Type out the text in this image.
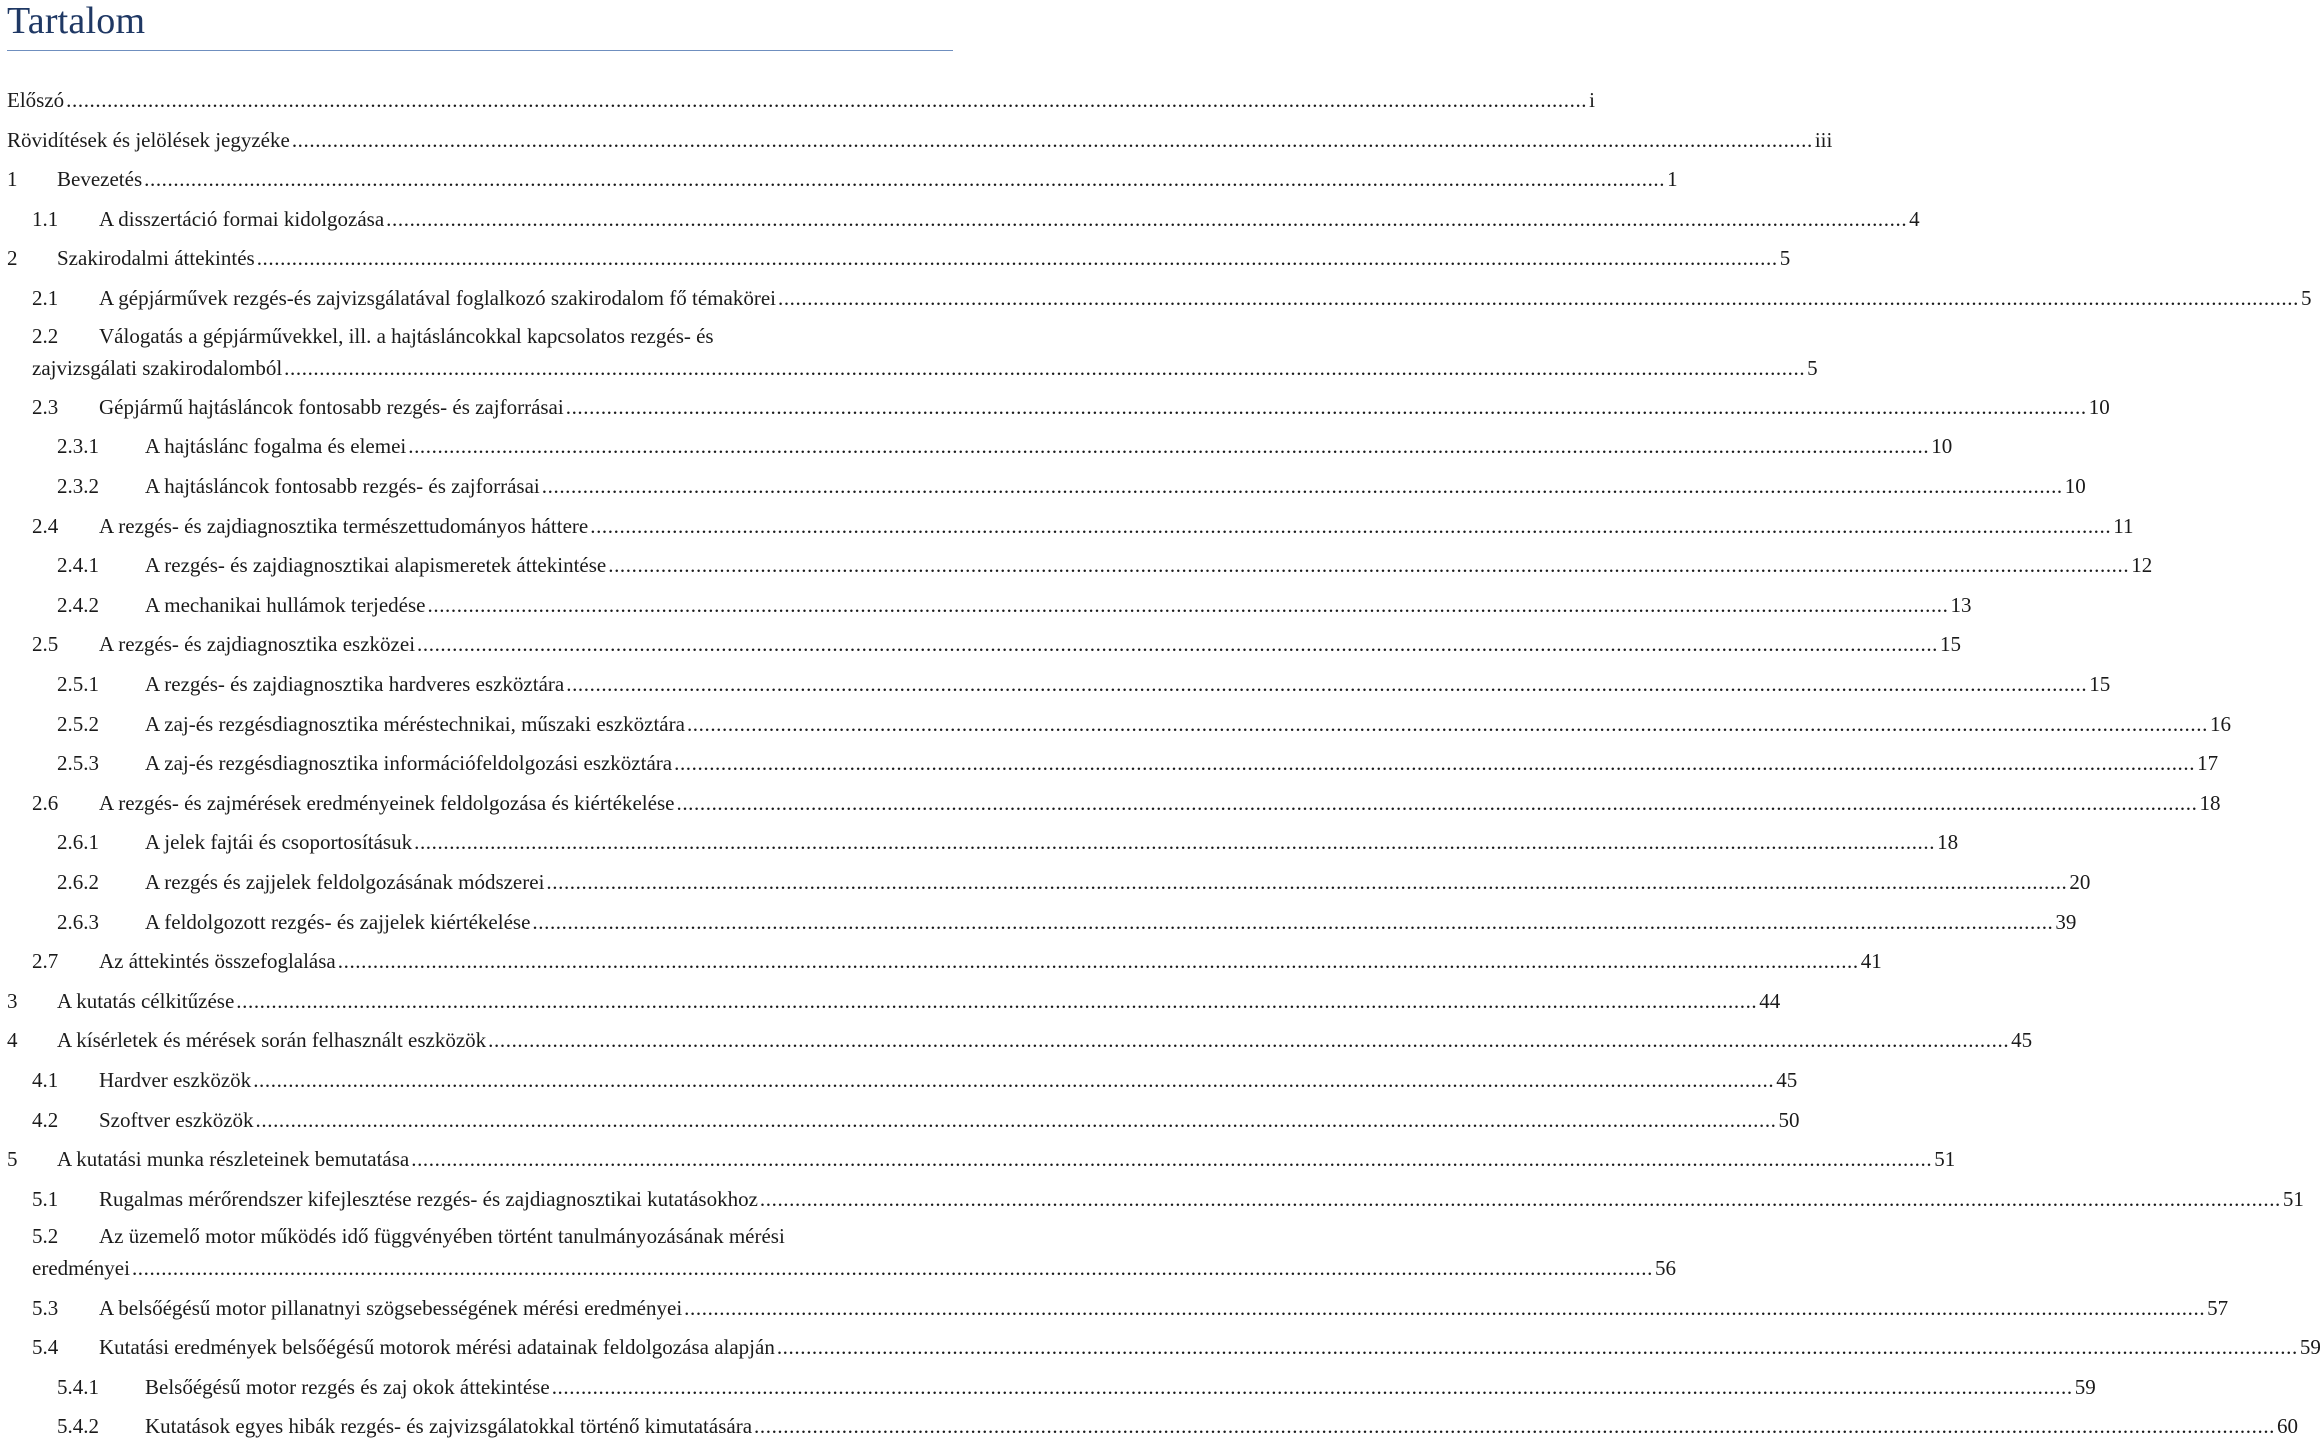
Tartalom
Előszó .................................................................................................................................................................................................................................................................... i
Rövidítések és jelölések jegyzéke .................................................................................................................................................................................................................................................................... iii
1 Bevezetés .................................................................................................................................................................................................................................................................... 1
1.1 A disszertáció formai kidolgozása .................................................................................................................................................................................................................................................................... 4
2 Szakirodalmi áttekintés .................................................................................................................................................................................................................................................................... 5
2.1 A gépjárművek rezgés-és zajvizsgálatával foglalkozó szakirodalom fő témakörei .................................................................................................................................................................................................................................................................... 5
2.2 Válogatás a gépjárművekkel, ill. a hajtásláncokkal kapcsolatos rezgés- és
zajvizsgálati szakirodalomból .................................................................................................................................................................................................................................................................... 5
2.3 Gépjármű hajtásláncok fontosabb rezgés- és zajforrásai .................................................................................................................................................................................................................................................................... 10
2.3.1 A hajtáslánc fogalma és elemei .................................................................................................................................................................................................................................................................... 10
2.3.2 A hajtásláncok fontosabb rezgés- és zajforrásai .................................................................................................................................................................................................................................................................... 10
2.4 A rezgés- és zajdiagnosztika természettudományos háttere .................................................................................................................................................................................................................................................................... 11
2.4.1 A rezgés- és zajdiagnosztikai alapismeretek áttekintése .................................................................................................................................................................................................................................................................... 12
2.4.2 A mechanikai hullámok terjedése .................................................................................................................................................................................................................................................................... 13
2.5 A rezgés- és zajdiagnosztika eszközei .................................................................................................................................................................................................................................................................... 15
2.5.1 A rezgés- és zajdiagnosztika hardveres eszköztára .................................................................................................................................................................................................................................................................... 15
2.5.2 A zaj-és rezgésdiagnosztika méréstechnikai, műszaki eszköztára .................................................................................................................................................................................................................................................................... 16
2.5.3 A zaj-és rezgésdiagnosztika információfeldolgozási eszköztára .................................................................................................................................................................................................................................................................... 17
2.6 A rezgés- és zajmérések eredményeinek feldolgozása és kiértékelése .................................................................................................................................................................................................................................................................... 18
2.6.1 A jelek fajtái és csoportosításuk .................................................................................................................................................................................................................................................................... 18
2.6.2 A rezgés és zajjelek feldolgozásának módszerei .................................................................................................................................................................................................................................................................... 20
2.6.3 A feldolgozott rezgés- és zajjelek kiértékelése .................................................................................................................................................................................................................................................................... 39
2.7 Az áttekintés összefoglalása .................................................................................................................................................................................................................................................................... 41
3 A kutatás célkitűzése .................................................................................................................................................................................................................................................................... 44
4 A kísérletek és mérések során felhasznált eszközök .................................................................................................................................................................................................................................................................... 45
4.1 Hardver eszközök .................................................................................................................................................................................................................................................................... 45
4.2 Szoftver eszközök .................................................................................................................................................................................................................................................................... 50
5 A kutatási munka részleteinek bemutatása .................................................................................................................................................................................................................................................................... 51
5.1 Rugalmas mérőrendszer kifejlesztése rezgés- és zajdiagnosztikai kutatásokhoz .................................................................................................................................................................................................................................................................... 51
5.2 Az üzemelő motor működés idő függvényében történt tanulmányozásának mérési
eredményei .................................................................................................................................................................................................................................................................... 56
5.3 A belsőégésű motor pillanatnyi szögsebességének mérési eredményei .................................................................................................................................................................................................................................................................... 57
5.4 Kutatási eredmények belsőégésű motorok mérési adatainak feldolgozása alapján .................................................................................................................................................................................................................................................................... 59
5.4.1 Belsőégésű motor rezgés és zaj okok áttekintése .................................................................................................................................................................................................................................................................... 59
5.4.2 Kutatások egyes hibák rezgés- és zajvizsgálatokkal történő kimutatására .................................................................................................................................................................................................................................................................... 60
